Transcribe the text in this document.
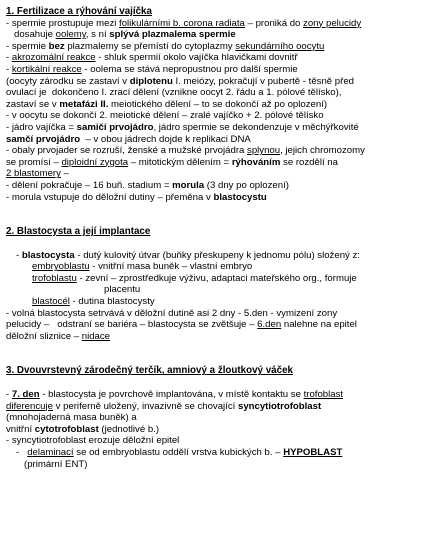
1. Fertilizace a rýhování vajíčka

- spermie prostupuje mezi folikulárními b. corona radiata – proniká do zony pelucidy

dosahuje oolemy, s ní splývá plazmalema spermie

- spermie bez plazmalemy se přemístí do cytoplazmy sekundárního oocytu

- akrozomální reakce - shluk spermií okolo vajíčka hlavičkami dovnitř

- kortikální reakce - oolema se stává nepropustnou pro další spermie

(oocyty zárodku se zastaví v diplotenu I. meiózy, pokračují v pubertě - těsně před

ovulací je  dokončeno I. zrací dělení (vznikne oocyt 2. řádu a 1. pólové tělísko),

zastaví se v metafázi II. meiotického dělení – to se dokončí až po oplození)

- v oocytu se dokončí 2. meiotické dělení – zralé vajíčko + 2. pólové tělísko

- jádro vajíčka = samičí prvojádro, jádro spermie se dekondenzuje v měchýřkovité

samčí prvojádro  – v obou jádrech dojde k replikaci DNA

- obaly prvojader se rozruší, ženské a mužské prvojádra splynou, jejich chromozomy

se promísí – diploidní zygota – mitotickým dělením = rýhováním se rozdělí na

2 blastomery –

- dělení pokračuje – 16 buň. stadium = morula (3 dny po oplození)

- morula vstupuje do děložní dutiny – přeměna v blastocystu

2. Blastocysta a její implantace

- blastocysta - dutý kulovitý útvar (buňky přeskupeny k jednomu pólu) složený z:

embryoblastu - vnitřní masa buněk – vlastní embryo

trofoblastu - zevní – zprostředkuje výživu, adaptaci mateřského org., formuje

placentu

blastocél - dutina blastocysty

- volná blastocysta setrvává v děložní dutině asi 2 dny - 5.den - vymizení zony

pelucidy –   odstraní se bariéra – blastocysta se zvětšuje – 6.den nalehne na epitel

děložní sliznice – nidace

3. Dvouvrstevný zárodečný terčík, amniový a žloutkový váček

- 7. den - blastocysta je povrchově implantována, v místě kontaktu se trofoblast

diferencuje v periferně uložený, invazivně se chovající syncytiotrofoblast

(mnohojaderná masa buněk) a

vnitřní cytotrofoblast (jednotlivé b.)

- syncytiotrofoblast erozuje děložní epitel

-   delaminací se od embryoblastu oddělí vrstva kubických b. – HYPOBLAST

(primární ENT)
